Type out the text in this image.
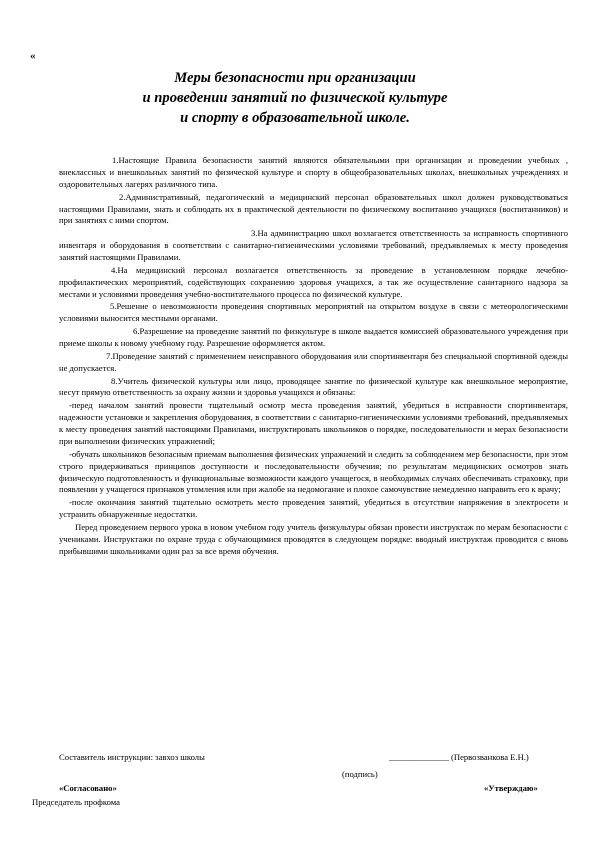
«
Меры безопасности при организации
и проведении занятий по физической культуре
и спорту в образовательной школе.

1.Настоящие Правила безопасности занятий являются обязательными при организации и проведении учебных , внеклассных и внешкольных занятий по физической культуре и спорту в общеобразовательных школах, внешкольных учреждениях и оздоровительных лагерях различного типа.

2.Административный, педагогический и медицинский персонал образовательных школ должен руководствоваться настоящими Правилами, знать и соблюдать их в практической деятельности по физическому воспитанию учащихся (воспитанников) и при занятиях с ними спортом.

3.На администрацию школ возлагается ответственность за исправность спортивного инвентаря и оборудования в соответствии с санитарно-гигиеническими условиями требований, предъявляемых к месту проведения занятий настоящими Правилами.

4.На медицинский персонал возлагается ответственность за проведение в установленном порядке лечебно-профилактических мероприятий, содействующих сохранению здоровья учащихся, а так же осуществление санитарного надзора за местами и условиями проведения учебно-воспитательного процесса по физической культуре.

5.Решение о невозможности проведения спортивных мероприятий на открытом воздухе в связи с метеорологическими условиями выносится местными органами.

6.Разрешение на проведение занятий по физкультуре в школе выдается комиссией образовательного учреждения при приеме школы к новому учебному году. Разрешение оформляется актом.

7.Проведение занятий с применением неисправного оборудования или спортинвентаря без специальной спортивной одежды не допускается.

8.Учитель физической культуры или лицо, проводящее занятие по физической культуре как внешкольное мероприятие, несут прямую ответственность за охрану жизни и здоровья учащихся и обязаны:

-перед началом занятий провести тщательный осмотр места проведения занятий, убедиться в исправности спортинвентаря, надежности установки и закрепления оборудования, в соответствии с санитарно-гигиеническими условиями требований, предъявляемых к месту проведения занятий настоящими Правилами, инструктировать школьников о порядке, последовательности и мерах безопасности при выполнении физических упражнений;

-обучать школьников безопасным приемам выполнения физических упражнений и следить за соблюдением мер безопасности, при этом строго придерживаться принципов доступности и последовательности обучения; по результатам медицинских осмотров знать физическую подготовленность и функциональные возможности каждого учащегося, в необходимых случаях обеспечивать страховку, при появлении у учащегося признаков утомления или при жалобе на недомогание и плохое самочувствие немедленно направить его к врачу;

-после окончания занятий тщательно осмотреть место проведения занятий, убедиться в отсутствии напряжения в электросети и устранить обнаруженные недостатки.

Перед проведением первого урока в новом учебном году учитель физкультуры обязан провести инструктаж по мерам безопасности с учениками. Инструктажи по охране труда с обучающимися проводятся в следующем порядке: вводный инструктаж проводится с вновь прибывшими школьниками один раз за все время обучения.

Составитель инструкции: завхоз школы	______________ (Первозванкова Е.Н.)
(подпись)
«Согласовано»	«Утверждаю»
Председатель профкома
